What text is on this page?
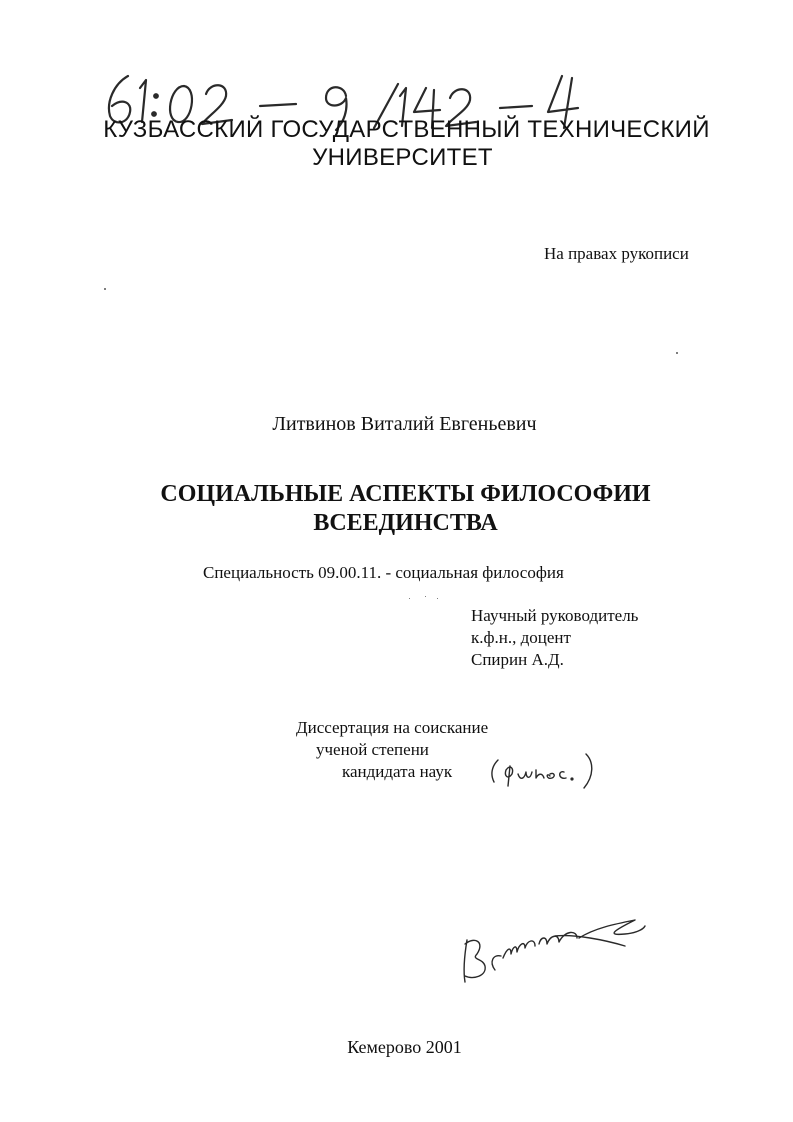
КУЗБАССКИЙ ГОСУДАРСТВЕННЫЙ ТЕХНИЧЕСКИЙ
УНИВЕРСИТЕТ
На правах рукописи
Литвинов Виталий Евгеньевич
СОЦИАЛЬНЫЕ АСПЕКТЫ ФИЛОСОФИИ
ВСЕЕДИНСТВА
Специальность 09.00.11. - социальная философия
Научный руководитель
к.ф.н., доцент
Спирин А.Д.
Диссертация на соискание
ученой степени
кандидата наук
Кемерово 2001
